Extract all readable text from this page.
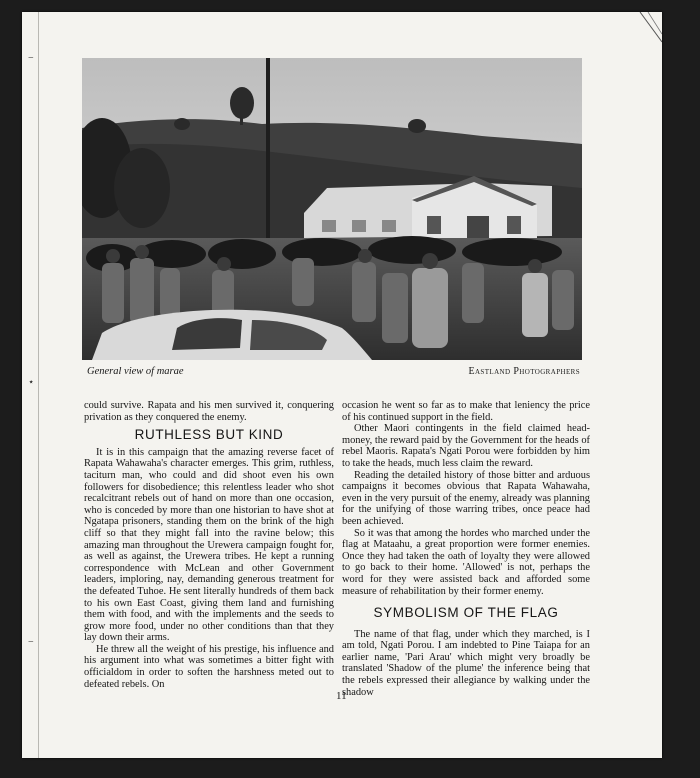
−
⋆
−
General view of marae	Eastland Photographers

could survive. Rapata and his men survived it, conquering privation as they conquered the enemy.

RUTHLESS BUT KIND

It is in this campaign that the amazing reverse facet of Rapata Wahawaha's character emerges. This grim, ruthless, taciturn man, who could and did shoot even his own followers for disobedience; this relentless leader who shot recalcitrant rebels out of hand on more than one occasion, who is conceded by more than one historian to have shot at Ngatapa prisoners, standing them on the brink of the high cliff so that they might fall into the ravine below; this amazing man throughout the Urewera campaign fought for, as well as against, the Urewera tribes. He kept a running correspondence with McLean and other Government leaders, imploring, nay, demanding generous treatment for the defeated Tuhoe. He sent literally hundreds of them back to his own East Coast, giving them land and furnishing them with food, and with the implements and the seeds to grow more food, under no other conditions than that they lay down their arms.

He threw all the weight of his prestige, his influence and his argument into what was sometimes a bitter fight with officialdom in order to soften the harshness meted out to defeated rebels. On

occasion he went so far as to make that leniency the price of his continued support in the field.

Other Maori contingents in the field claimed head-money, the reward paid by the Government for the heads of rebel Maoris. Rapata's Ngati Porou were forbidden by him to take the heads, much less claim the reward.

Reading the detailed history of those bitter and arduous campaigns it becomes obvious that Rapata Wahawaha, even in the very pursuit of the enemy, already was planning for the unifying of those warring tribes, once peace had been achieved.

So it was that among the hordes who marched under the flag at Mataahu, a great proportion were former enemies. Once they had taken the oath of loyalty they were allowed to go back to their home. 'Allowed' is not, perhaps the word for they were assisted back and afforded some measure of rehabilitation by their former enemy.

SYMBOLISM OF THE FLAG

The name of that flag, under which they marched, is I am told, Ngati Porou. I am indebted to Pine Taiapa for an earlier name, 'Pari Arau' which might very broadly be translated 'Shadow of the plume' the inference being that the rebels expressed their allegiance by walking under the shadow

11
